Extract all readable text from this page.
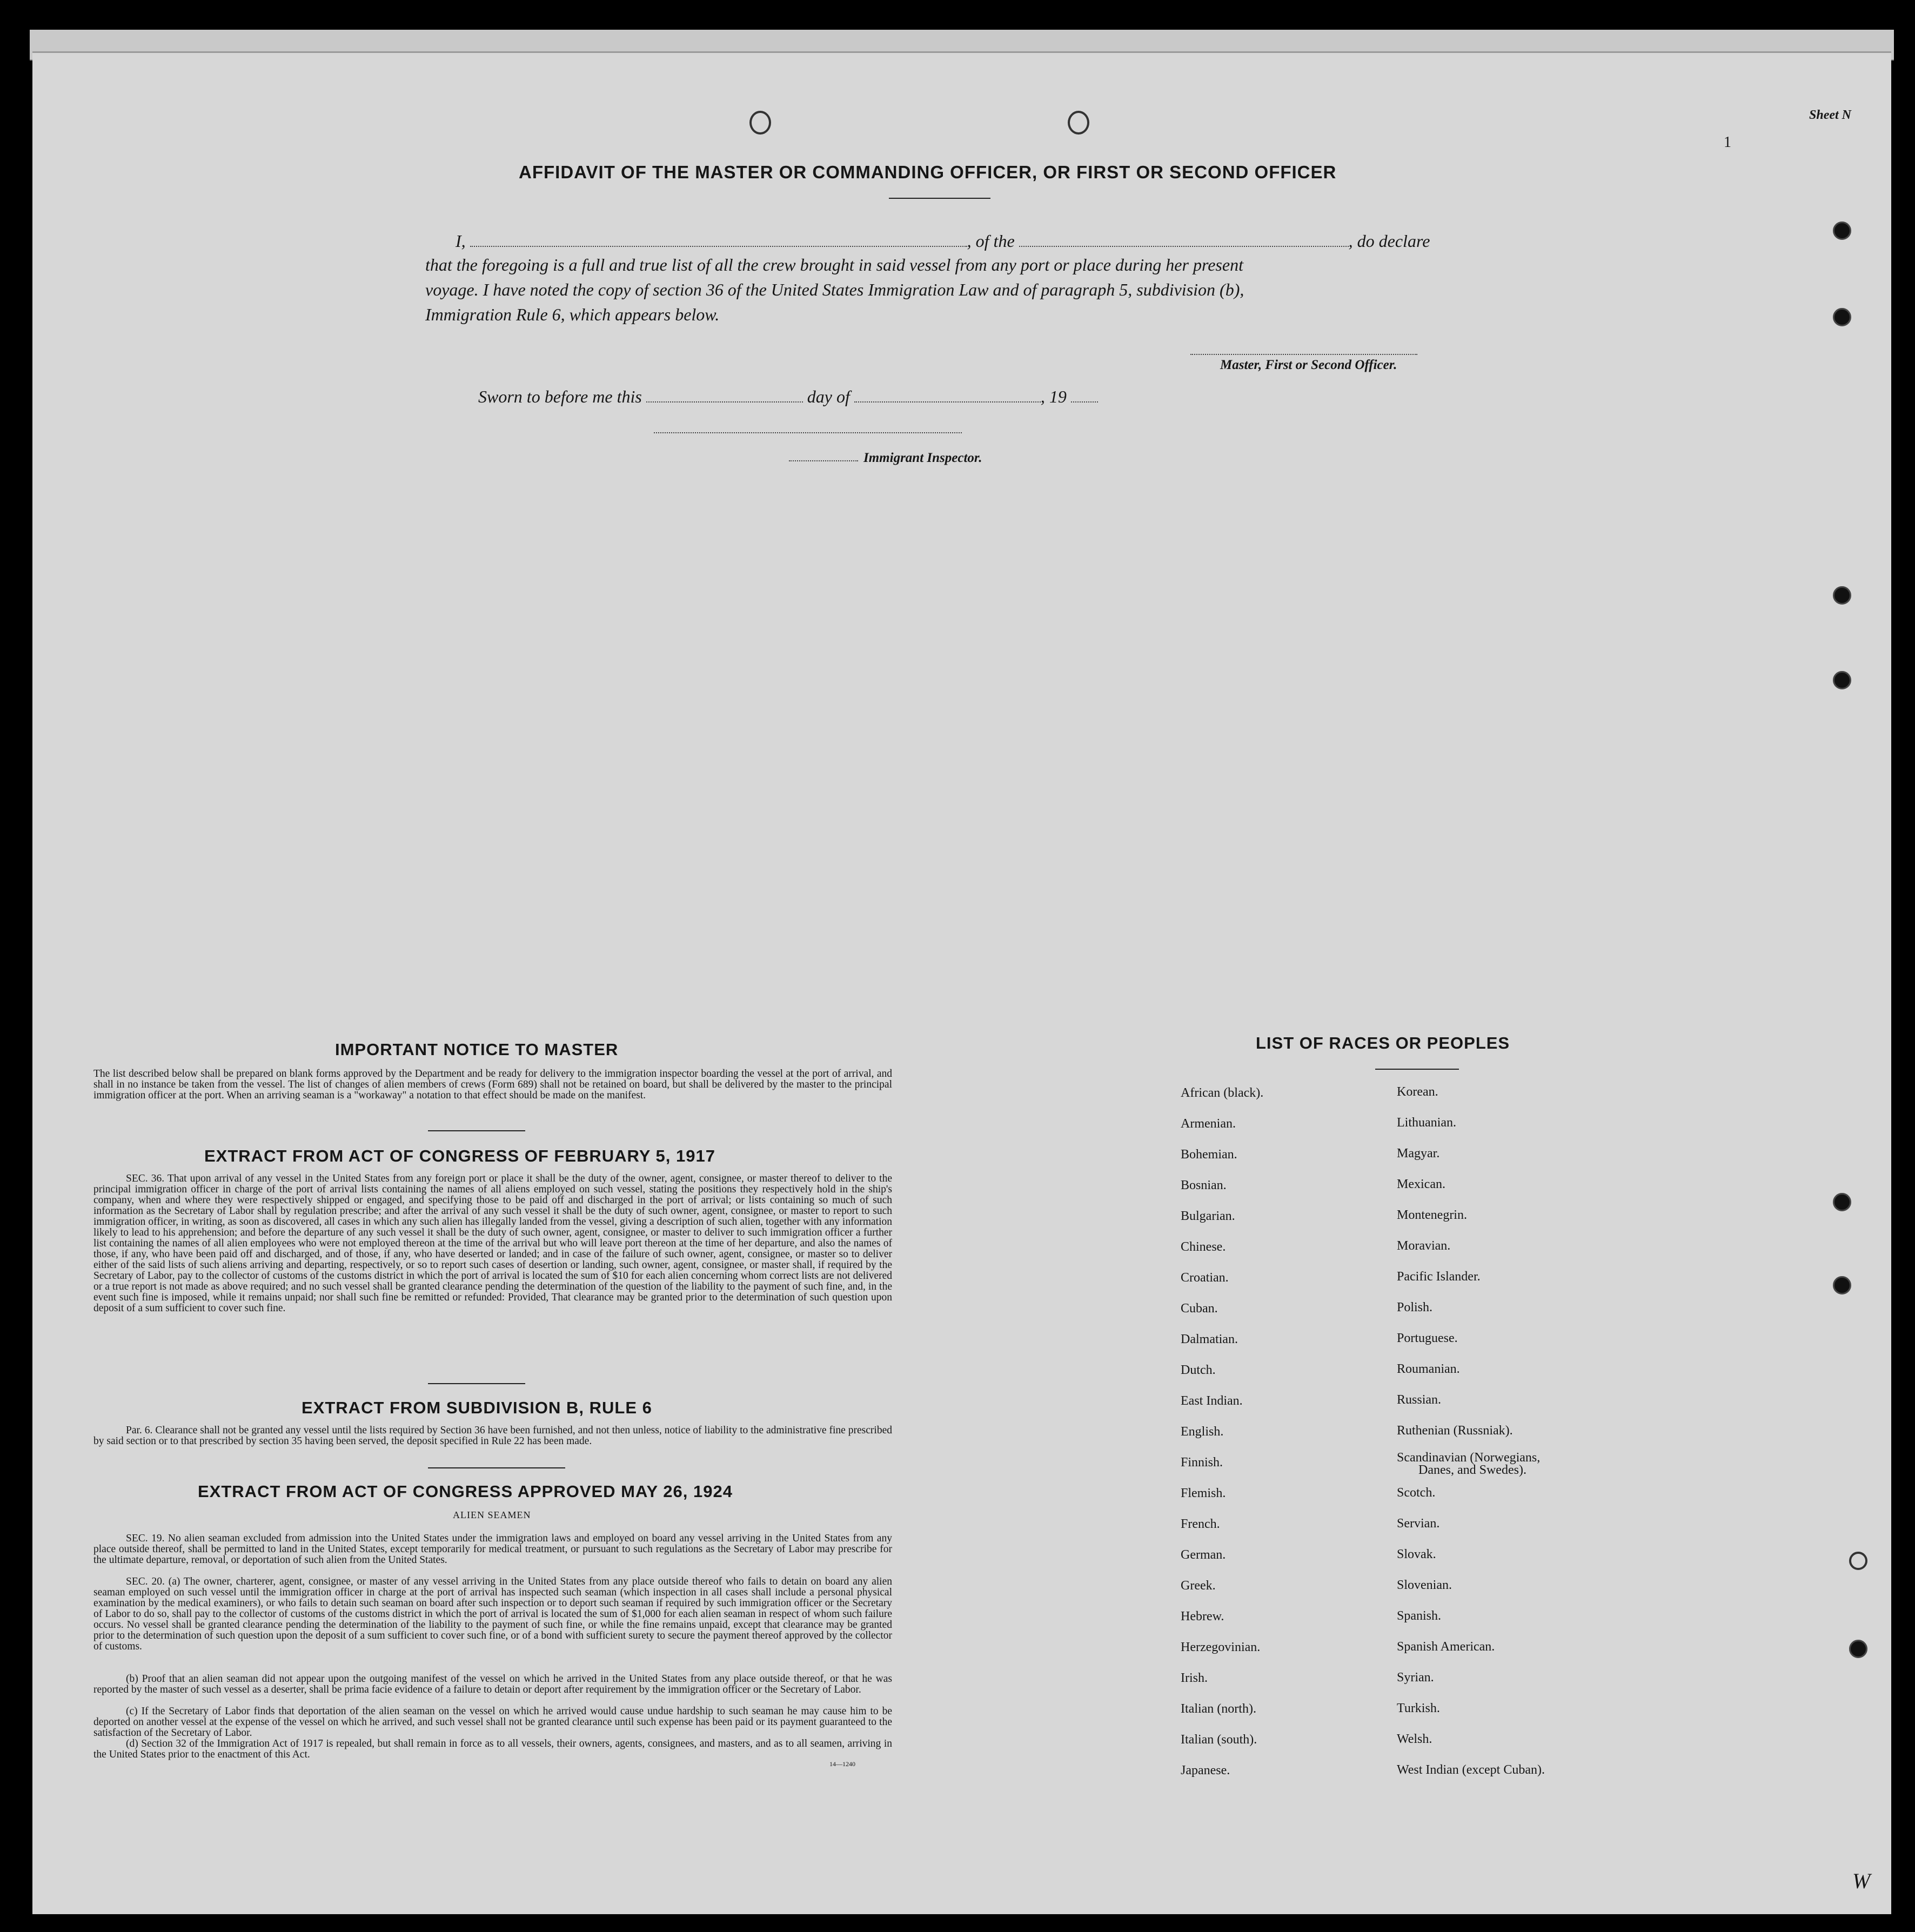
Sheet N
1
AFFIDAVIT OF THE MASTER OR COMMANDING OFFICER, OR FIRST OR SECOND OFFICER
I,	, of the	, do declare
that the foregoing is a full and true list of all the crew brought in said vessel from any port or place during her present
voyage. I have noted the copy of section 36 of the United States Immigration Law and of paragraph 5, subdivision (b),
Immigration Rule 6, which appears below.
Master, First or Second Officer.
Sworn to before me this	day of	, 19
Immigrant Inspector.
IMPORTANT NOTICE TO MASTER
The list described below shall be prepared on blank forms approved by the Department and be ready for delivery to the immigration inspector boarding the vessel at the port of arrival, and shall in no instance be taken from the vessel. The list of changes of alien members of crews (Form 689) shall not be retained on board, but shall be delivered by the master to the principal immigration officer at the port. When an arriving seaman is a "workaway" a notation to that effect should be made on the manifest.
EXTRACT FROM ACT OF CONGRESS OF FEBRUARY 5, 1917
SEC. 36. That upon arrival of any vessel in the United States from any foreign port or place it shall be the duty of the owner, agent, consignee, or master thereof to deliver to the principal immigration officer in charge of the port of arrival lists containing the names of all aliens employed on such vessel, stating the positions they respectively hold in the ship's company, when and where they were respectively shipped or engaged, and specifying those to be paid off and discharged in the port of arrival; or lists containing so much of such information as the Secretary of Labor shall by regulation prescribe; and after the arrival of any such vessel it shall be the duty of such owner, agent, consignee, or master to report to such immigration officer, in writing, as soon as discovered, all cases in which any such alien has illegally landed from the vessel, giving a description of such alien, together with any information likely to lead to his apprehension; and before the departure of any such vessel it shall be the duty of such owner, agent, consignee, or master to deliver to such immigration officer a further list containing the names of all alien employees who were not employed thereon at the time of the arrival but who will leave port thereon at the time of her departure, and also the names of those, if any, who have been paid off and discharged, and of those, if any, who have deserted or landed; and in case of the failure of such owner, agent, consignee, or master so to deliver either of the said lists of such aliens arriving and departing, respectively, or so to report such cases of desertion or landing, such owner, agent, consignee, or master shall, if required by the Secretary of Labor, pay to the collector of customs of the customs district in which the port of arrival is located the sum of $10 for each alien concerning whom correct lists are not delivered or a true report is not made as above required; and no such vessel shall be granted clearance pending the determination of the question of the liability to the payment of such fine, and, in the event such fine is imposed, while it remains unpaid; nor shall such fine be remitted or refunded: Provided, That clearance may be granted prior to the determination of such question upon deposit of a sum sufficient to cover such fine.
EXTRACT FROM SUBDIVISION B, RULE 6
Par. 6. Clearance shall not be granted any vessel until the lists required by Section 36 have been furnished, and not then unless, notice of liability to the administrative fine prescribed by said section or to that prescribed by section 35 having been served, the deposit specified in Rule 22 has been made.
EXTRACT FROM ACT OF CONGRESS APPROVED MAY 26, 1924
ALIEN SEAMEN
SEC. 19. No alien seaman excluded from admission into the United States under the immigration laws and employed on board any vessel arriving in the United States from any place outside thereof, shall be permitted to land in the United States, except temporarily for medical treatment, or pursuant to such regulations as the Secretary of Labor may prescribe for the ultimate departure, removal, or deportation of such alien from the United States.
SEC. 20. (a) The owner, charterer, agent, consignee, or master of any vessel arriving in the United States from any place outside thereof who fails to detain on board any alien seaman employed on such vessel until the immigration officer in charge at the port of arrival has inspected such seaman (which inspection in all cases shall include a personal physical examination by the medical examiners), or who fails to detain such seaman on board after such inspection or to deport such seaman if required by such immigration officer or the Secretary of Labor to do so, shall pay to the collector of customs of the customs district in which the port of arrival is located the sum of $1,000 for each alien seaman in respect of whom such failure occurs. No vessel shall be granted clearance pending the determination of the liability to the payment of such fine, or while the fine remains unpaid, except that clearance may be granted prior to the determination of such question upon the deposit of a sum sufficient to cover such fine, or of a bond with sufficient surety to secure the payment thereof approved by the collector of customs.
(b) Proof that an alien seaman did not appear upon the outgoing manifest of the vessel on which he arrived in the United States from any place outside thereof, or that he was reported by the master of such vessel as a deserter, shall be prima facie evidence of a failure to detain or deport after requirement by the immigration officer or the Secretary of Labor.
(c) If the Secretary of Labor finds that deportation of the alien seaman on the vessel on which he arrived would cause undue hardship to such seaman he may cause him to be deported on another vessel at the expense of the vessel on which he arrived, and such vessel shall not be granted clearance until such expense has been paid or its payment guaranteed to the satisfaction of the Secretary of Labor.
(d) Section 32 of the Immigration Act of 1917 is repealed, but shall remain in force as to all vessels, their owners, agents, consignees, and masters, and as to all seamen, arriving in the United States prior to the enactment of this Act.
14—1240
LIST OF RACES OR PEOPLES
W
African (black).
Armenian.
Bohemian.
Bosnian.
Bulgarian.
Chinese.
Croatian.
Cuban.
Dalmatian.
Dutch.
East Indian.
English.
Finnish.
Flemish.
French.
German.
Greek.
Hebrew.
Herzegovinian.
Irish.
Italian (north).
Italian (south).
Japanese.
Korean.
Lithuanian.
Magyar.
Mexican.
Montenegrin.
Moravian.
Pacific Islander.
Polish.
Portuguese.
Roumanian.
Russian.
Ruthenian (Russniak).
Scandinavian (Norwegians,
Danes, and Swedes).
Scotch.
Servian.
Slovak.
Slovenian.
Spanish.
Spanish American.
Syrian.
Turkish.
Welsh.
West Indian (except Cuban).
